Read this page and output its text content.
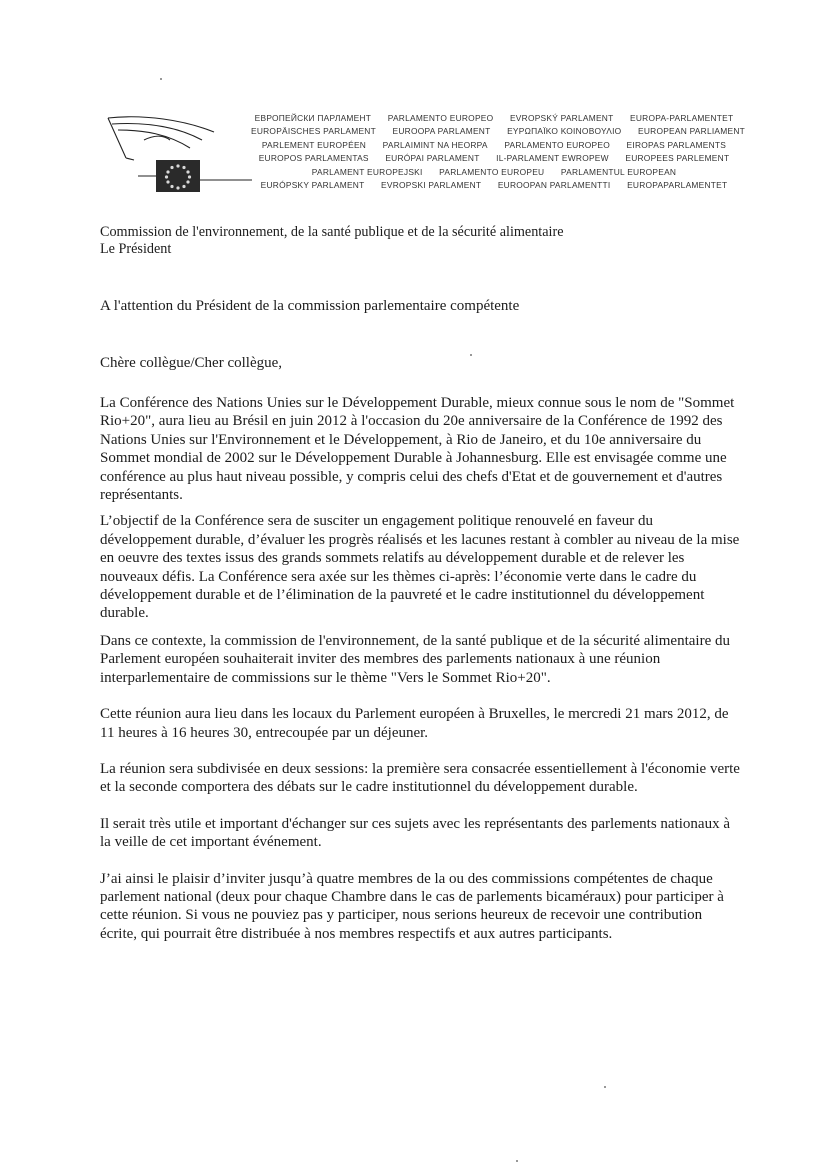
ЕВРОПЕЙСКИ ПАРЛАМЕНТ PARLAMENTO EUROPEO EVROPSKÝ PARLAMENT EUROPA-PARLAMENTET
EUROPÄISCHES PARLAMENT EUROOPA PARLAMENT ΕΥΡΩΠΑΪΚΟ ΚΟΙΝΟΒΟΥΛΙΟ EUROPEAN PARLIAMENT
PARLEMENT EUROPÉEN PARLAIMINT NA HEORPA PARLAMENTO EUROPEO EIROPAS PARLAMENTS
EUROPOS PARLAMENTAS EURÓPAI PARLAMENT IL-PARLAMENT EWROPEW EUROPEES PARLEMENT
PARLAMENT EUROPEJSKI PARLAMENTO EUROPEU PARLAMENTUL EUROPEAN
EURÓPSKY PARLAMENT EVROPSKI PARLAMENT EUROOPAN PARLAMENTTI EUROPAPARLAMENTET
Commission de l'environnement, de la santé publique et de la sécurité alimentaire
Le Président
A l'attention du Président de la commission parlementaire compétente
Chère collègue/Cher collègue,

La Conférence des Nations Unies sur le Développement Durable, mieux connue sous le nom de "Sommet Rio+20", aura lieu au Brésil en juin 2012 à l'occasion du 20e anniversaire de la Conférence de 1992 des Nations Unies sur l'Environnement et le Développement, à Rio de Janeiro, et du 10e anniversaire du Sommet mondial de 2002 sur le Développement Durable à Johannesburg. Elle est envisagée comme une conférence au plus haut niveau possible, y compris celui des chefs d'Etat et de gouvernement et d'autres représentants.

L’objectif de la Conférence sera de susciter un engagement politique renouvelé en faveur du développement durable, d’évaluer les progrès réalisés et les lacunes restant à combler au niveau de la mise en oeuvre des textes issus des grands sommets relatifs au développement durable et de relever les nouveaux défis. La Conférence sera axée sur les thèmes ci-après: l’économie verte dans le cadre du développement durable et de l’élimination de la pauvreté et le cadre institutionnel du développement durable.

Dans ce contexte, la commission de l'environnement, de la santé publique et de la sécurité alimentaire du Parlement européen souhaiterait inviter des membres des parlements nationaux à une réunion interparlementaire de commissions sur le thème "Vers le Sommet Rio+20".

Cette réunion aura lieu dans les locaux du Parlement européen à Bruxelles, le mercredi 21 mars 2012, de 11 heures à 16 heures 30, entrecoupée par un déjeuner.

La réunion sera subdivisée en deux sessions: la première sera consacrée essentiellement à l'économie verte et la seconde comportera des débats sur le cadre institutionnel du développement durable.

Il serait très utile et important d'échanger sur ces sujets avec les représentants des parlements nationaux à la veille de cet important événement.

J’ai ainsi le plaisir d’inviter jusqu’à quatre membres de la ou des commissions compétentes de chaque parlement national (deux pour chaque Chambre dans le cas de parlements bicaméraux) pour participer à cette réunion. Si vous ne pouviez pas y participer, nous serions heureux de recevoir une contribution écrite, qui pourrait être distribuée à nos membres respectifs et aux autres participants.
